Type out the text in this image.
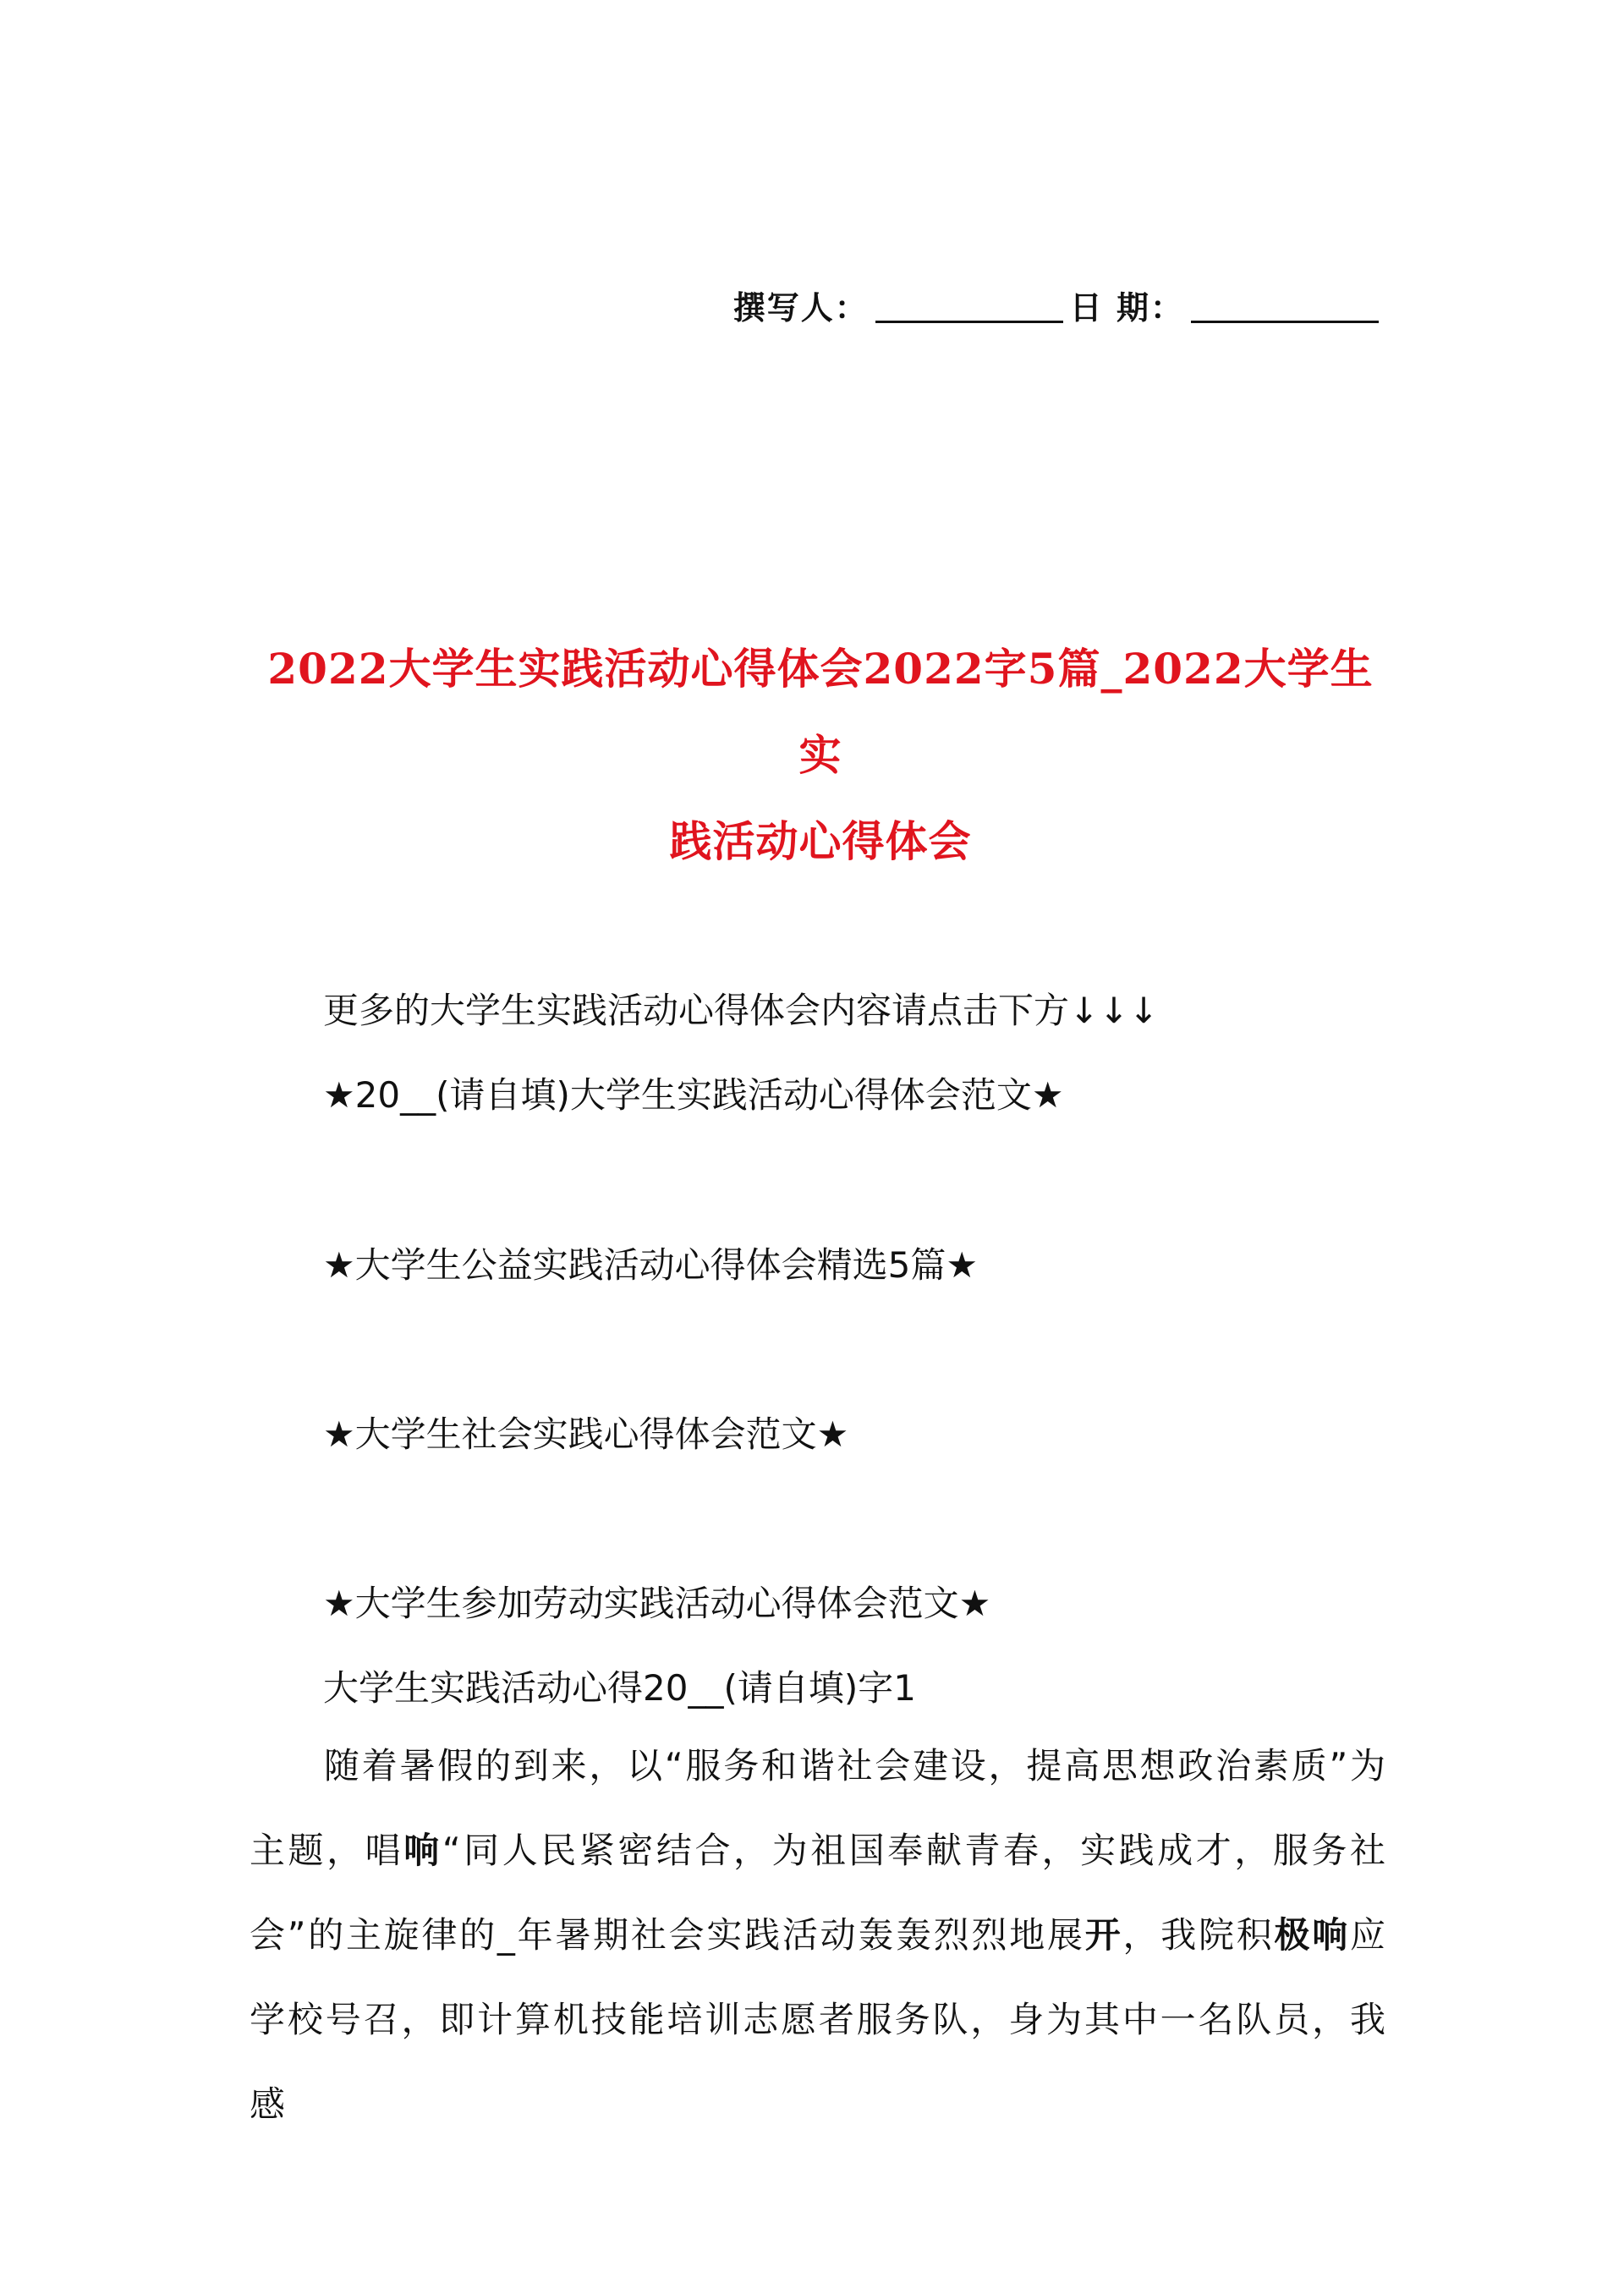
撰写人：	日 期：
2022大学生实践活动心得体会2022字5篇_2022大学生实
践活动心得体会
更多的大学生实践活动心得体会内容请点击下方↓↓↓
★20__(请自填)大学生实践活动心得体会范文★
★大学生公益实践活动心得体会精选5篇★
★大学生社会实践心得体会范文★
★大学生参加劳动实践活动心得体会范文★
大学生实践活动心得20__(请自填)字1
随着暑假的到来，以“服务和谐社会建设，提高思想政治素质”为主题，唱响“同人民紧密结合，为祖国奉献青春，实践成才，服务社会”的主旋律的_年暑期社会实践活动轰轰烈烈地展开，我院积极响应学校号召，即计算机技能培训志愿者服务队，身为其中一名队员，我感
